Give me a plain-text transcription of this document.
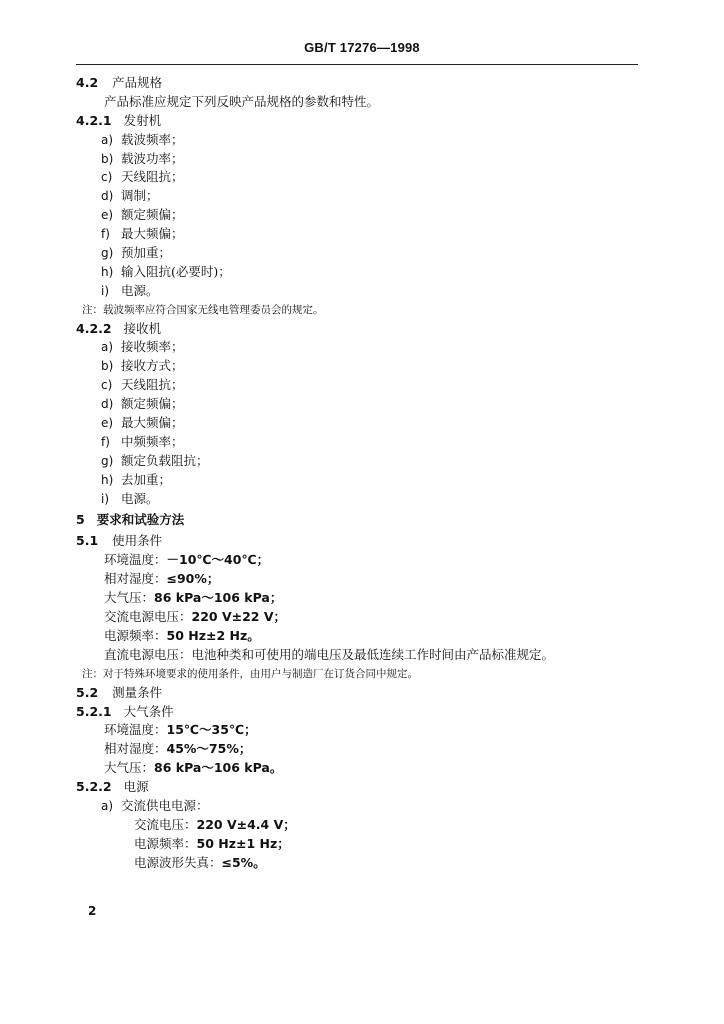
GB/T 17276—1998
4.2 产品规格
产品标准应规定下列反映产品规格的参数和特性。
4.2.1 发射机
a) 载波频率；
b) 载波功率；
c) 天线阻抗；
d) 调制；
e) 额定频偏；
f) 最大频偏；
g) 预加重；
h) 输入阻抗(必要时)；
i) 电源。
注：载波频率应符合国家无线电管理委员会的规定。
4.2.2 接收机
a) 接收频率；
b) 接收方式；
c) 天线阻抗；
d) 额定频偏；
e) 最大频偏；
f) 中频频率；
g) 额定负载阻抗；
h) 去加重；
i) 电源。
5 要求和试验方法
5.1 使用条件
环境温度：－10℃～40℃；
相对湿度：≤90%；
大气压：86 kPa～106 kPa；
交流电源电压：220 V±22 V；
电源频率：50 Hz±2 Hz。
直流电源电压：电池种类和可使用的端电压及最低连续工作时间由产品标准规定。
注：对于特殊环境要求的使用条件，由用户与制造厂在订货合同中规定。
5.2 测量条件
5.2.1 大气条件
环境温度：15℃～35℃；
相对湿度：45%～75%；
大气压：86 kPa～106 kPa。
5.2.2 电源
a) 交流供电电源：
交流电压：220 V±4.4 V；
电源频率：50 Hz±1 Hz；
电源波形失真：≤5%。
2
